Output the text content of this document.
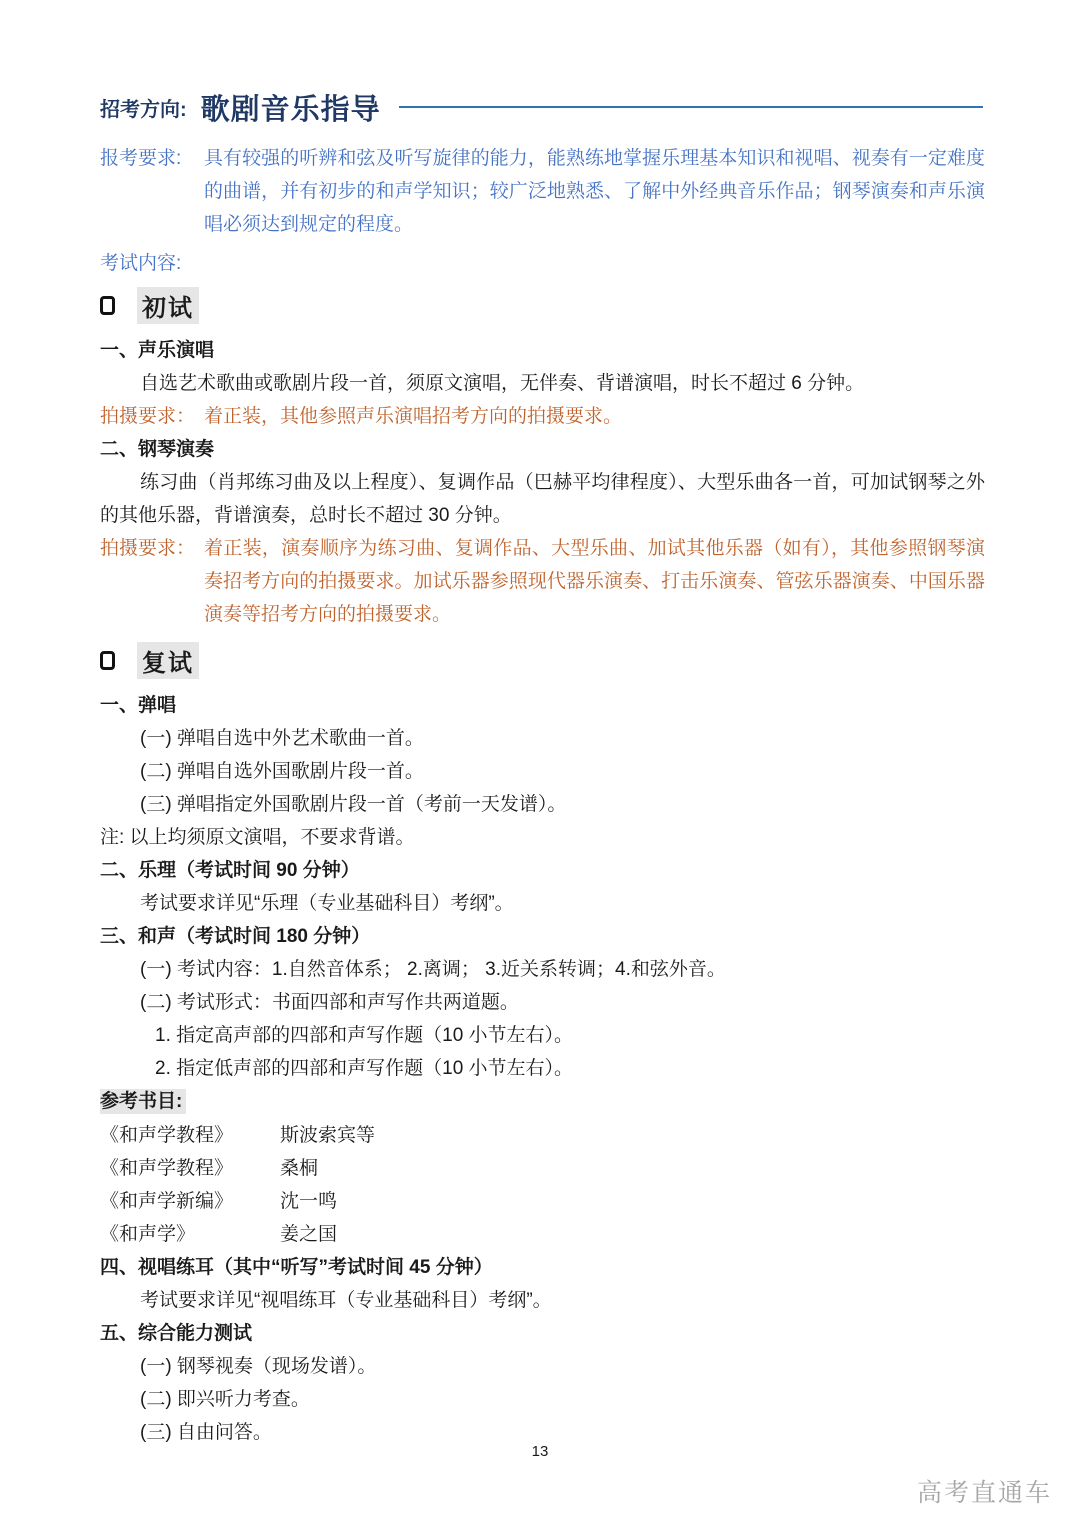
招考方向: 歌剧音乐指导
报考要求:	具有较强的听辨和弦及听写旋律的能力，能熟练地掌握乐理基本知识和视唱、视奏有一定难度的曲谱，并有初步的和声学知识；较广泛地熟悉、了解中外经典音乐作品；钢琴演奏和声乐演唱必须达到规定的程度。
考试内容:
初试
一、声乐演唱
自选艺术歌曲或歌剧片段一首，须原文演唱，无伴奏、背谱演唱，时长不超过 6 分钟。
拍摄要求： 着正装，其他参照声乐演唱招考方向的拍摄要求。
二、钢琴演奏
练习曲（肖邦练习曲及以上程度）、复调作品（巴赫平均律程度）、大型乐曲各一首，可加试钢琴之外的其他乐器，背谱演奏，总时长不超过 30 分钟。
拍摄要求： 着正装，演奏顺序为练习曲、复调作品、大型乐曲、加试其他乐器（如有），其他参照钢琴演奏招考方向的拍摄要求。加试乐器参照现代器乐演奏、打击乐演奏、管弦乐器演奏、中国乐器演奏等招考方向的拍摄要求。
复试
一、弹唱
(一) 弹唱自选中外艺术歌曲一首。
(二) 弹唱自选外国歌剧片段一首。
(三) 弹唱指定外国歌剧片段一首（考前一天发谱）。
注: 以上均须原文演唱，不要求背谱。
二、乐理（考试时间 90 分钟）
考试要求详见“乐理（专业基础科目）考纲”。
三、和声（考试时间 180 分钟）
(一) 考试内容：1.自然音体系； 2.离调； 3.近关系转调；4.和弦外音。
(二) 考试形式：书面四部和声写作共两道题。
1. 指定高声部的四部和声写作题（10 小节左右）。
2. 指定低声部的四部和声写作题（10 小节左右）。
参考书目:
《和声学教程》	斯波索宾等
《和声学教程》	桑桐
《和声学新编》	沈一鸣
《和声学》	姜之国
四、视唱练耳（其中“听写”考试时间 45 分钟）
考试要求详见“视唱练耳（专业基础科目）考纲”。
五、综合能力测试
(一) 钢琴视奏（现场发谱）。
(二) 即兴听力考查。
(三) 自由问答。
13
高考直通车
